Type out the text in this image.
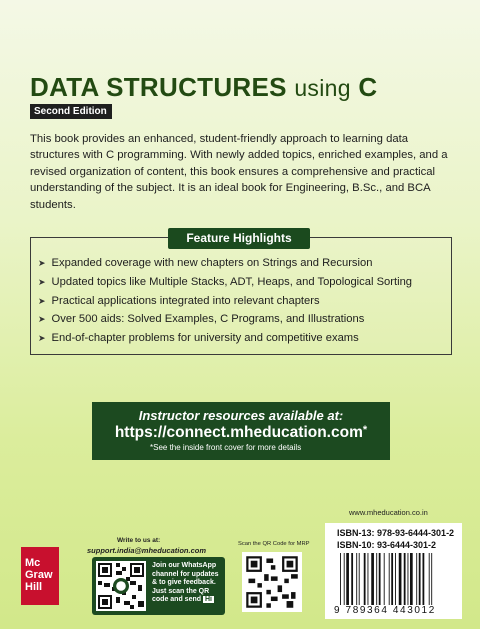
DATA STRUCTURES using C
Second Edition

This book provides an enhanced, student-friendly approach to learning data structures with C programming. With newly added topics, enriched examples, and a revised organization of content, this book ensures a comprehensive and practical understanding of the subject. It is an ideal book for Engineering, B.Sc., and BCA students.

Feature Highlights
➤ Expanded coverage with new chapters on Strings and Recursion
➤ Updated topics like Multiple Stacks, ADT, Heaps, and Topological Sorting
➤ Practical applications integrated into relevant chapters
➤ Over 500 aids: Solved Examples, C Programs, and Illustrations
➤ End-of-chapter problems for university and competitive exams
Instructor resources available at:
https://connect.mheducation.com*
*See the inside front cover for more details
Mc
Graw
Hill
Write to us at:
support.india@mheducation.com
Join our WhatsApp channel for updates & to give feedback. Just scan the QR code and send Hi
Scan the QR Code for MRP
www.mheducation.co.in
ISBN-13: 978-93-6444-301-2
ISBN-10: 93-6444-301-2
9 789364 443012
